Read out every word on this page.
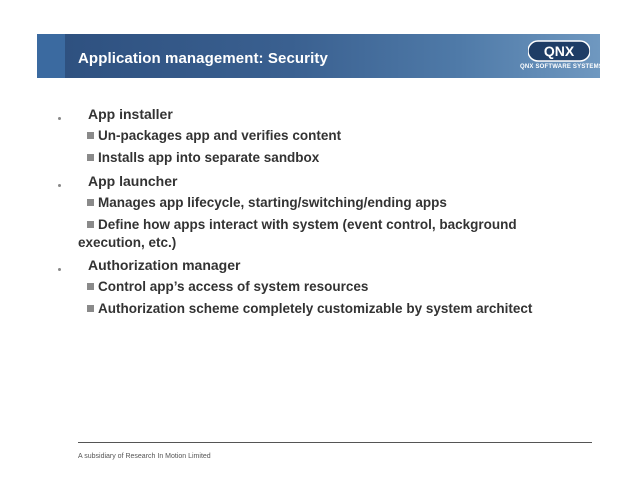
Application management: Security	QNX
QNX SOFTWARE SYSTEMS
App installer
Un-packages app and verifies content
Installs app into separate sandbox
App launcher
Manages app lifecycle, starting/switching/ending apps
Define how apps interact with system (event control, background
execution, etc.)
Authorization manager
Control app’s access of system resources
Authorization scheme completely customizable by system architect
A subsidiary of Research In Motion Limited
